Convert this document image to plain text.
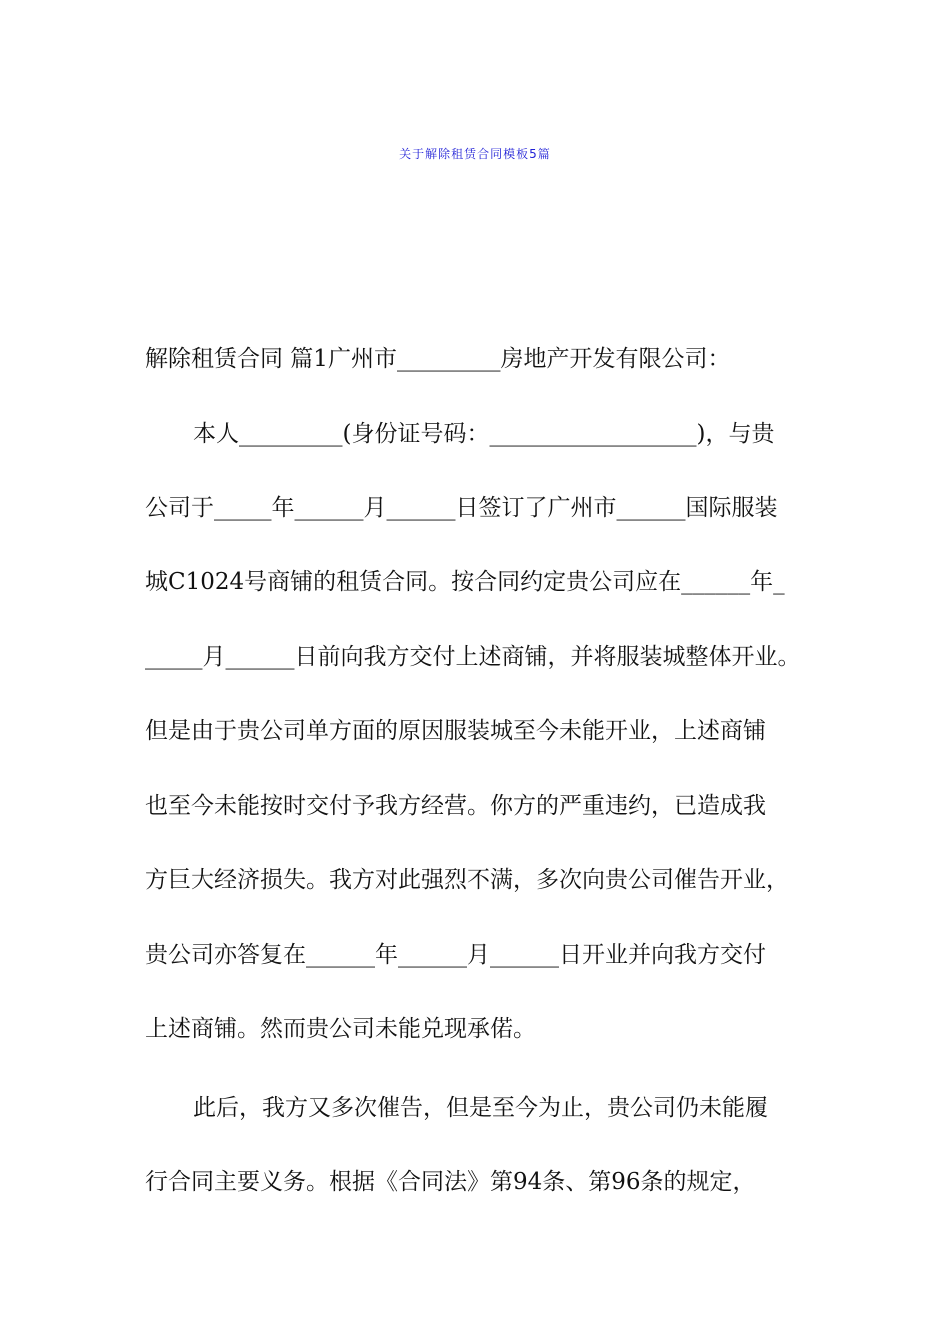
关于解除租赁合同模板5篇
解除租赁合同 篇1广州市_________房地产开发有限公司：
本人_________(身份证号码：__________________)，与贵
公司于_____年______月______日签订了广州市______国际服装
城C1024号商铺的租赁合同。按合同约定贵公司应在______年_
_____月______日前向我方交付上述商铺，并将服装城整体开业。
但是由于贵公司单方面的原因服装城至今未能开业，上述商铺
也至今未能按时交付予我方经营。你方的严重违约，已造成我
方巨大经济损失。我方对此强烈不满，多次向贵公司催告开业，
贵公司亦答复在______年______月______日开业并向我方交付
上述商铺。然而贵公司未能兑现承偌。
此后，我方又多次催告，但是至今为止，贵公司仍未能履
行合同主要义务。根据《合同法》第94条、第96条的规定，
